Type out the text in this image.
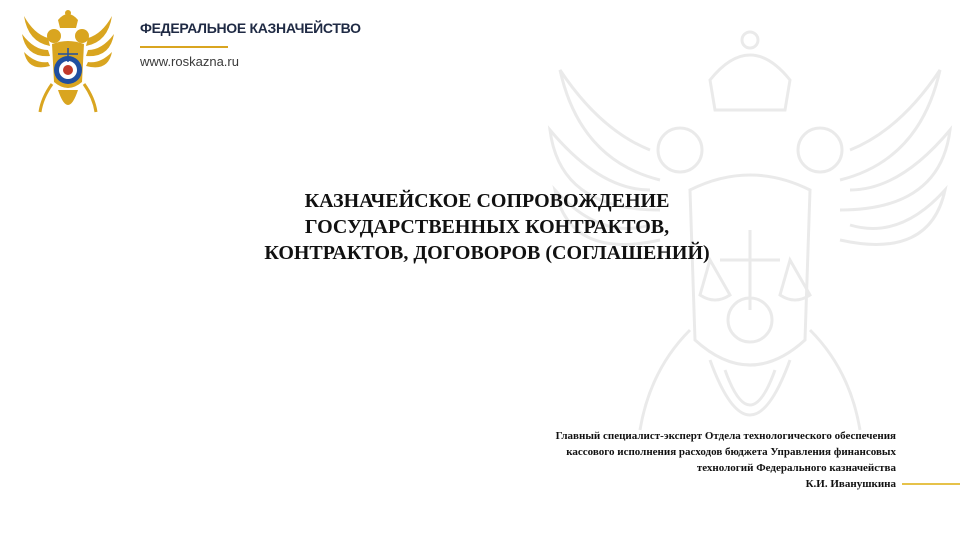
ФЕДЕРАЛЬНОЕ КАЗНАЧЕЙСТВО

www.roskazna.ru

КАЗНАЧЕЙСКОЕ СОПРОВОЖДЕНИЕ
ГОСУДАРСТВЕННЫХ КОНТРАКТОВ,
КОНТРАКТОВ, ДОГОВОРОВ (СОГЛАШЕНИЙ)

Главный специалист-эксперт Отдела технологического обеспечения
кассового исполнения расходов бюджета Управления финансовых
технологий Федерального казначейства
К.И. Иванушкина
